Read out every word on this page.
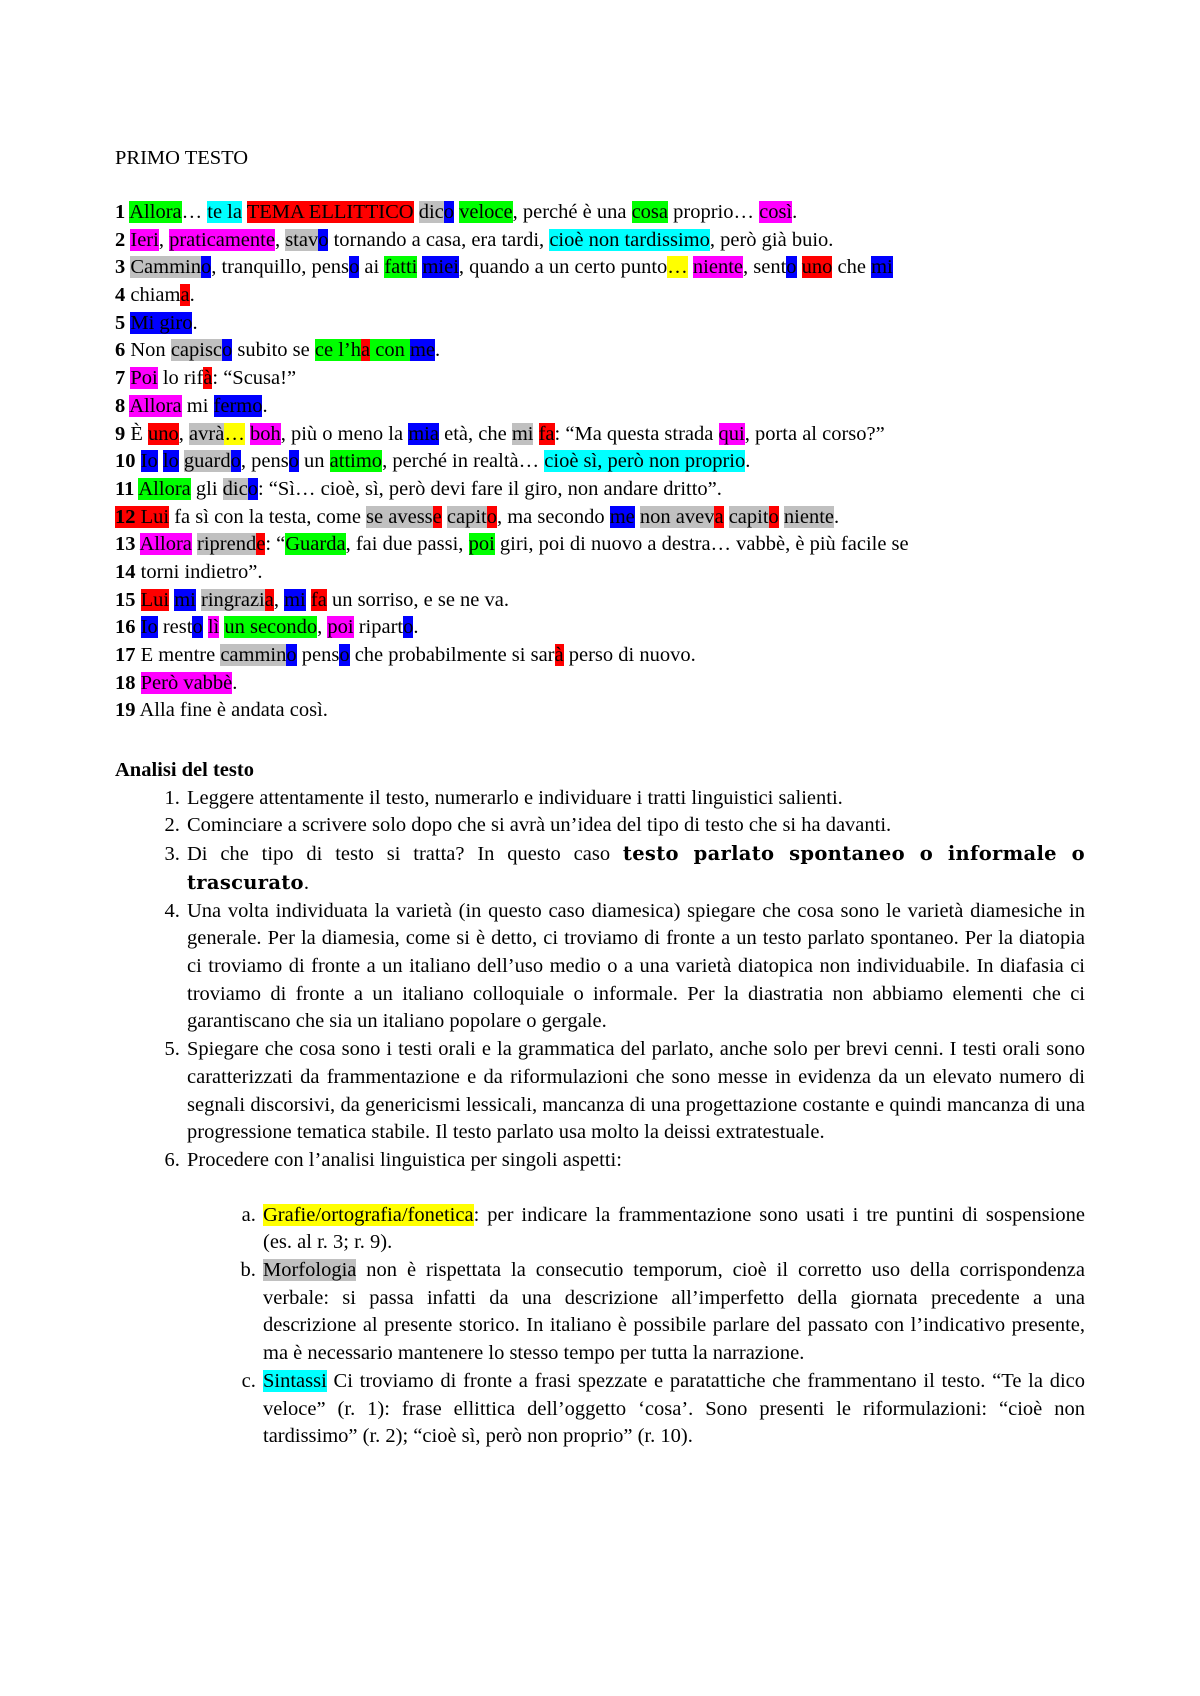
PRIMO TESTO
1 Allora… te la TEMA ELLITTICO dico veloce, perché è una cosa proprio… così.
2 Ieri, praticamente, stavo tornando a casa, era tardi, cioè non tardissimo, però già buio.
3 Cammino, tranquillo, penso ai fatti miei, quando a un certo punto… niente, sento uno che mi
4 chiama.
5 Mi giro.
6 Non capisco subito se ce l’ha con me.
7 Poi lo rifà: “Scusa!”
8 Allora mi fermo.
9 È uno, avrà… boh, più o meno la mia età, che mi fa: “Ma questa strada qui, porta al corso?”
10 Io lo guardo, penso un attimo, perché in realtà… cioè sì, però non proprio.
11 Allora gli dico: “Sì… cioè, sì, però devi fare il giro, non andare dritto”.
12 Lui fa sì con la testa, come se avesse capito, ma secondo me non aveva capito niente.
13 Allora riprende: “Guarda, fai due passi, poi giri, poi di nuovo a destra… vabbè, è più facile se
14 torni indietro”.
15 Lui mi ringrazia, mi fa un sorriso, e se ne va.
16 Io resto lì un secondo, poi riparto.
17 E mentre cammino penso che probabilmente si sarà perso di nuovo.
18 Però vabbè.
19 Alla fine è andata così.
Analisi del testo
1. Leggere attentamente il testo, numerarlo e individuare i tratti linguistici salienti.
2. Cominciare a scrivere solo dopo che si avrà un’idea del tipo di testo che si ha davanti.
3. Di che tipo di testo si tratta? In questo caso testo parlato spontaneo o informale o trascurato.
4. Una volta individuata la varietà (in questo caso diamesica) spiegare che cosa sono le varietà diamesiche in generale. Per la diamesia, come si è detto, ci troviamo di fronte a un testo parlato spontaneo. Per la diatopia ci troviamo di fronte a un italiano dell’uso medio o a una varietà diatopica non individuabile. In diafasia ci troviamo di fronte a un italiano colloquiale o informale. Per la diastratia non abbiamo elementi che ci garantiscano che sia un italiano popolare o gergale.
5. Spiegare che cosa sono i testi orali e la grammatica del parlato, anche solo per brevi cenni. I testi orali sono caratterizzati da frammentazione e da riformulazioni che sono messe in evidenza da un elevato numero di segnali discorsivi, da genericismi lessicali, mancanza di una progettazione costante e quindi mancanza di una progressione tematica stabile. Il testo parlato usa molto la deissi extratestuale.
6. Procedere con l’analisi linguistica per singoli aspetti:
a. Grafie/ortografia/fonetica: per indicare la frammentazione sono usati i tre puntini di sospensione (es. al r. 3; r. 9).
b. Morfologia non è rispettata la consecutio temporum, cioè il corretto uso della corrispondenza verbale: si passa infatti da una descrizione all’imperfetto della giornata precedente a una descrizione al presente storico. In italiano è possibile parlare del passato con l’indicativo presente, ma è necessario mantenere lo stesso tempo per tutta la narrazione.
c. Sintassi Ci troviamo di fronte a frasi spezzate e paratattiche che frammentano il testo. “Te la dico veloce” (r. 1): frase ellittica dell’oggetto ‘cosa’. Sono presenti le riformulazioni: “cioè non tardissimo” (r. 2); “cioè sì, però non proprio” (r. 10).
